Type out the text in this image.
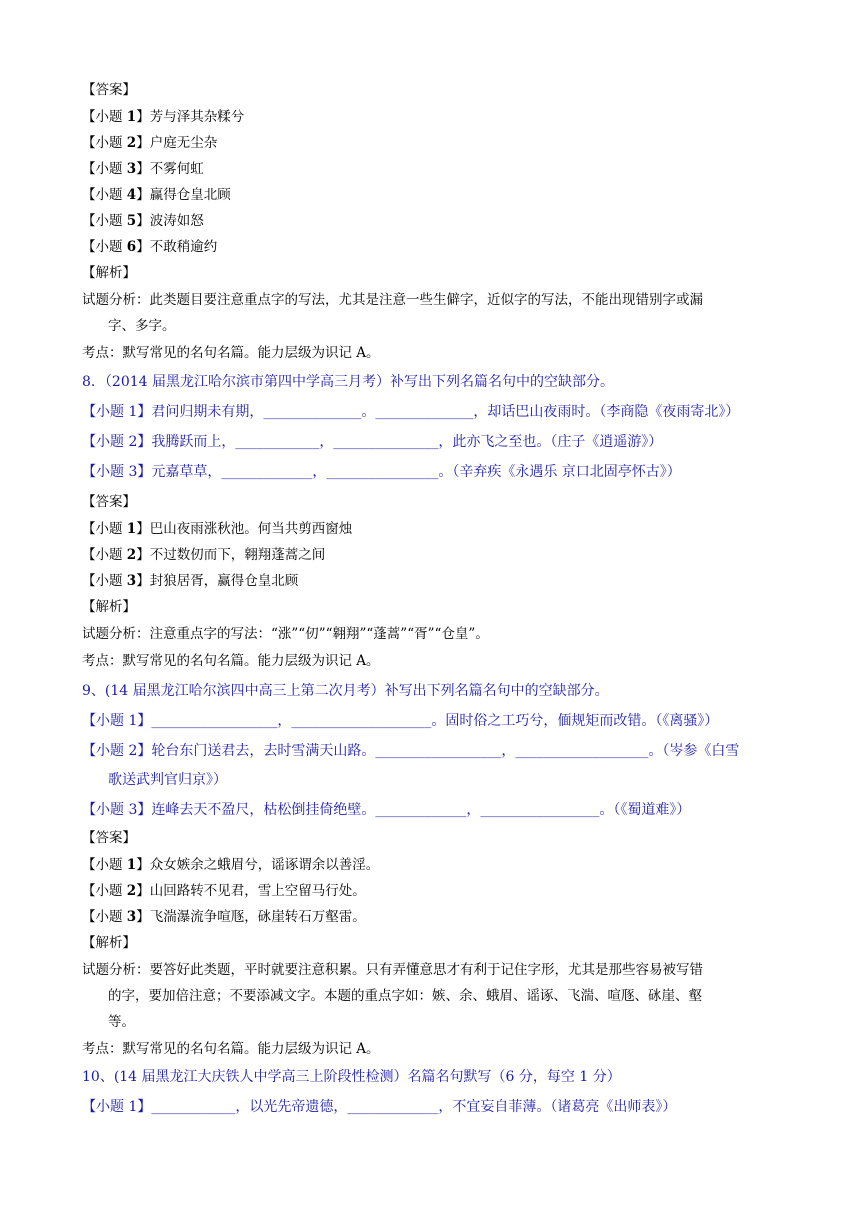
【答案】
【小题 1】芳与泽其杂糅兮
【小题 2】户庭无尘杂
【小题 3】不雾何虹
【小题 4】赢得仓皇北顾
【小题 5】波涛如怒
【小题 6】不敢稍逾约
【解析】
试题分析：此类题目要注意重点字的写法，尤其是注意一些生僻字，近似字的写法，不能出现错别字或漏
字、多字。
考点：默写常见的名句名篇。能力层级为识记 A。
8．（2014 届黑龙江哈尔滨市第四中学高三月考）补写出下列名篇名句中的空缺部分。
【小题 1】君问归期未有期，______________。______________，却话巴山夜雨时。（李商隐《夜雨寄北》）
【小题 2】我腾跃而上，____________，_______________，此亦飞之至也。（庄子《逍遥游》）
【小题 3】元嘉草草，_____________，________________。（辛弃疾《永遇乐 京口北固亭怀古》）
【答案】
【小题 1】巴山夜雨涨秋池。何当共剪西窗烛
【小题 2】不过数仞而下，翱翔蓬蒿之间
【小题 3】封狼居胥，赢得仓皇北顾
【解析】
试题分析：注意重点字的写法：“涨”“仞”“翱翔”“蓬蒿”“胥”“仓皇”。
考点：默写常见的名句名篇。能力层级为识记 A。
9、(14 届黑龙江哈尔滨四中高三上第二次月考）补写出下列名篇名句中的空缺部分。
【小题 1】__________________，____________________。固时俗之工巧兮，偭规矩而改错。（《离骚》）
【小题 2】轮台东门送君去，去时雪满天山路。__________________，___________________。（岑参《白雪
歌送武判官归京》）
【小题 3】连峰去天不盈尺，枯松倒挂倚绝壁。_____________，_________________。（《蜀道难》）
【答案】
【小题 1】众女嫉余之蛾眉兮，谣诼谓余以善淫。
【小题 2】山回路转不见君，雪上空留马行处。
【小题 3】飞湍瀑流争喧豗，砯崖转石万壑雷。
【解析】
试题分析：要答好此类题，平时就要注意积累。只有弄懂意思才有利于记住字形，尤其是那些容易被写错
的字，要加倍注意；不要添减文字。本题的重点字如：嫉、余、蛾眉、谣诼、飞湍、喧豗、砯崖、壑
等。
考点：默写常见的名句名篇。能力层级为识记 A。
10、(14 届黑龙江大庆铁人中学高三上阶段性检测）名篇名句默写（6 分，每空 1 分）
【小题 1】____________，以光先帝遗德，_____________，不宜妄自菲薄。（诸葛亮《出师表》）
